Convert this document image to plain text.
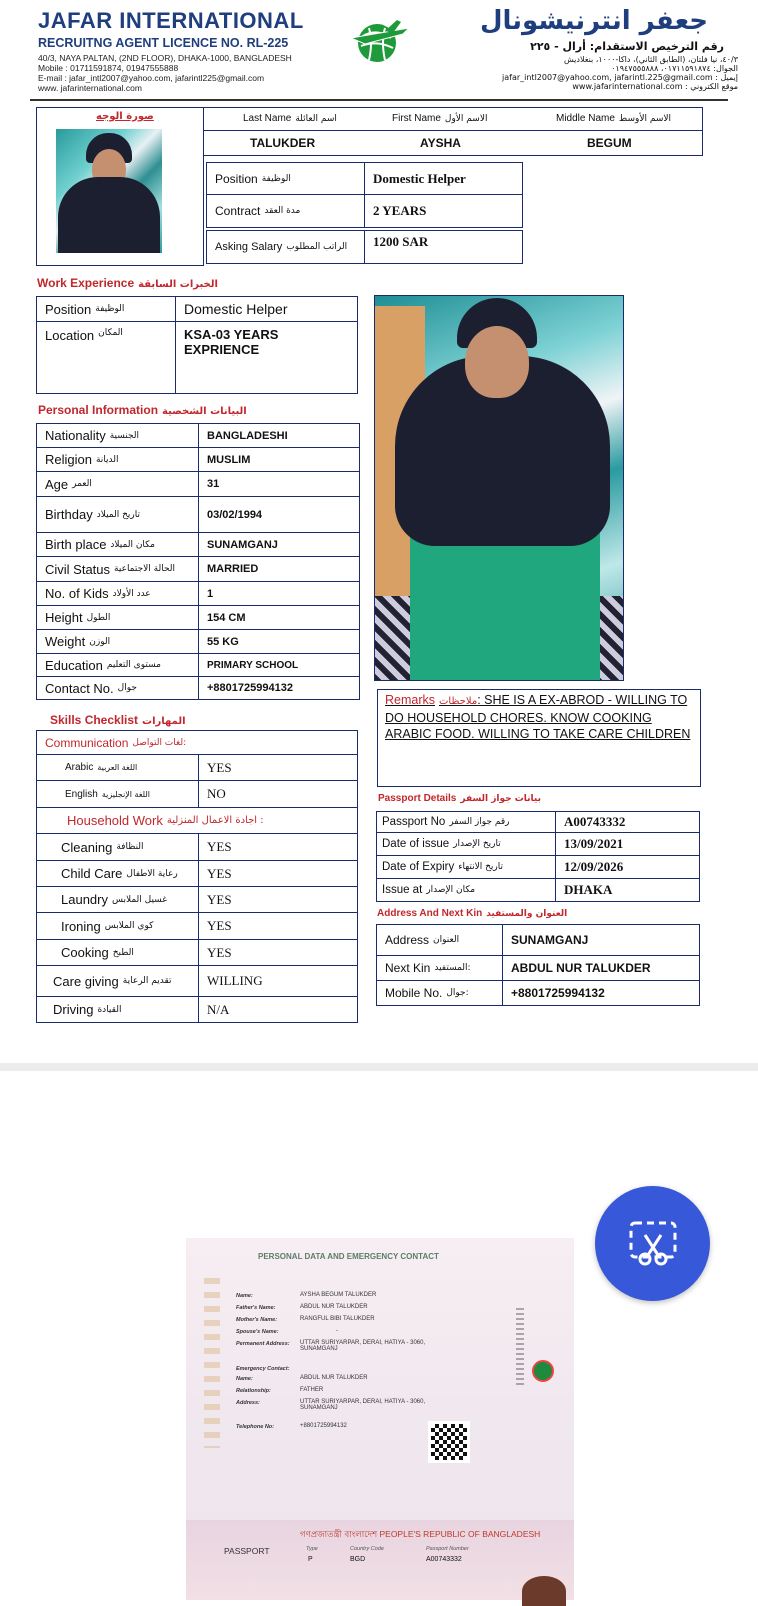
JAFAR INTERNATIONAL
RECRUITNG AGENT LICENCE NO. RL-225
40/3, NAYA PALTAN, (2ND FLOOR), DHAKA-1000, BANGLADESH
Mobile : 01711591874, 01947555888
E-mail : jafar_intl2007@yahoo.com, jafarintl225@gmail.com
www. jafarinternational.com
جعفر انترنيشونال
رقم الترخيص الاستقدام: أرال - ٢٢٥
٤٠/٣، نيا فلتان، (الطابق الثاني)، داكا-١٠٠٠، بنغلاديش
الجوال: ٠١٧١١٥٩١٨٧٤، ٠١٩٤٧٥٥٥٨٨٨
jafar_intl2007@yahoo.com, jafarintl.225@gmail.com : إيميل
www.jafarinternational.com : موقع الكتروني
صورة الوجه	Last Name اسم العائلة	First Name الاسم الأول	Middle Name الاسم الأوسط
TALUKDER	AYSHA	BEGUM
Position الوظيفة	Domestic Helper
Contract مدة العقد	2 YEARS
Asking Salary الراتب المطلوب	1200 SAR
Work Experience الخبرات السابقة
Position الوظيفة	Domestic Helper
Location المكان	KSA-03 YEARS EXPRIENCE
Personal Information البيانات الشخصية
Nationality الجنسية	BANGLADESHI
Religion الديانة	MUSLIM
Age العمر	31
Birthday تاريخ الميلاد	03/02/1994
Birth place مكان الميلاد	SUNAMGANJ
Civil Status الحالة الاجتماعية	MARRIED
No. of Kids عدد الأولاد	1
Height الطول	154 CM
Weight الوزن	55 KG
Education مستوى التعليم	PRIMARY SCHOOL
Contact No. جوال	+8801725994132
Remarks ملاحظات: SHE IS A EX-ABROD - WILLING TO DO HOUSEHOLD CHORES. KNOW COOKING ARABIC FOOD. WILLING TO TAKE CARE CHILDREN
Passport Details بيانات جواز السفر
Passport No رقم جواز السفر	A00743332
Date of issue تاريخ الإصدار	13/09/2021
Date of Expiry تاريخ الانتهاء	12/09/2026
Issue at مكان الإصدار	DHAKA
Address And Next Kin العنوان والمستفيد
Address العنوان	SUNAMGANJ
Next Kin المستفيد:	ABDUL NUR TALUKDER
Mobile No. جوال:	+8801725994132
Skills Checklist المهارات
Communication لغات التواصل:
Arabic اللغة العربية	YES
English اللغة الإنجليزية	NO
Household Work اجادة الاعمال المنزلية :
Cleaning النظافة	YES
Child Care رعاية الاطفال	YES
Laundry غسيل الملابس	YES
Ironing كوي الملابس	YES
Cooking الطبخ	YES
Care giving تقديم الرعاية	WILLING
Driving القيادة	N/A
PERSONAL DATA AND EMERGENCY CONTACT
Name:	AYSHA BEGUM TALUKDER
Father's Name:	ABDUL NUR TALUKDER
Mother's Name:	RANGFUL BIBI TALUKDER
Spouse's Name:	-
Permanent Address: UTTAR SURIYARPAR, DERAI, HATIYA - 3060, SUNAMGANJ
Emergency Contact:
Name:	ABDUL NUR TALUKDER
Relationship:	FATHER
Address:	UTTAR SURIYARPAR, DERAI, HATIYA - 3060, SUNAMGANJ
Telephone No:	+8801725994132
গণপ্রজাতন্ত্রী বাংলাদেশ PEOPLE'S REPUBLIC OF BANGLADESH
PASSPORT	Type	Country Code	Passport Number
P	BGD	A00743332
